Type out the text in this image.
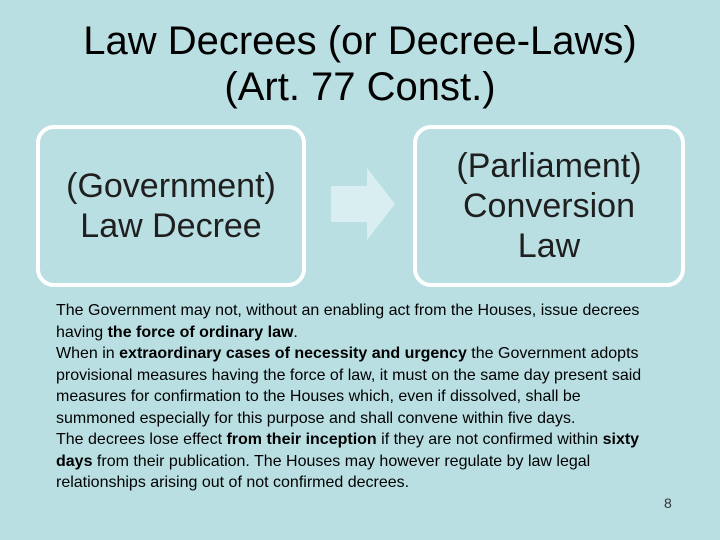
Law Decrees (or Decree-Laws)
(Art. 77 Const.)
(Government)
Law Decree
(Parliament)
Conversion
Law

The Government may not, without an enabling act from the Houses, issue decrees having the force of ordinary law.

When in extraordinary cases of necessity and urgency the Government adopts provisional measures having the force of law, it must on the same day present said measures for confirmation to the Houses which, even if dissolved, shall be summoned especially for this purpose and shall convene within five days.

The decrees lose effect from their inception if they are not confirmed within sixty days from their publication. The Houses may however regulate by law legal relationships arising out of not confirmed decrees.

8
